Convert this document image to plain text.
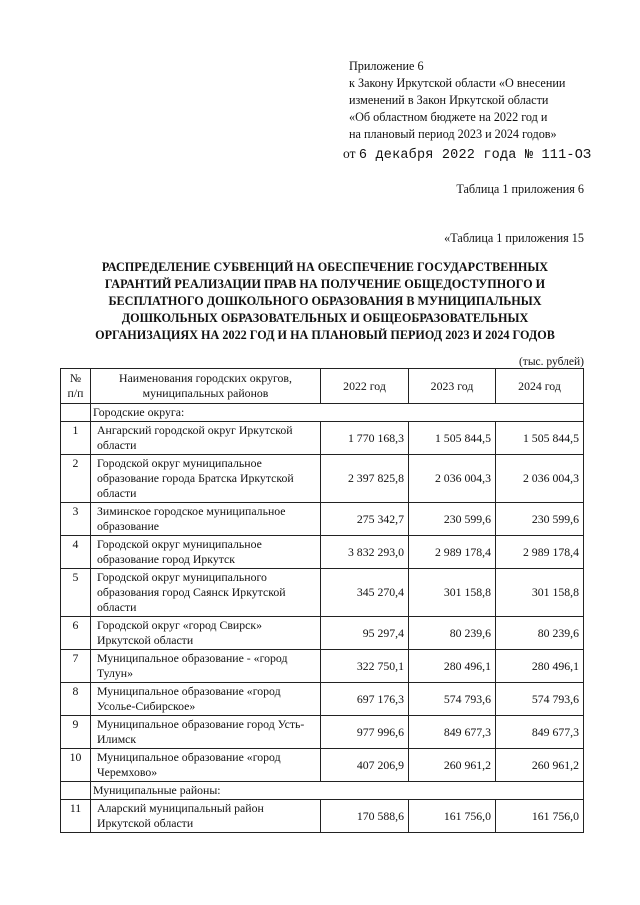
Приложение 6
к Закону Иркутской области «О внесении
изменений в Закон Иркутской области
«Об областном бюджете на 2022 год и
на плановый период 2023 и 2024 годов»
от 6 декабря 2022 года № 111-ОЗ
Таблица 1 приложения 6
«Таблица 1 приложения 15
РАСПРЕДЕЛЕНИЕ СУБВЕНЦИЙ НА ОБЕСПЕЧЕНИЕ ГОСУДАРСТВЕННЫХ
ГАРАНТИЙ РЕАЛИЗАЦИИ ПРАВ НА ПОЛУЧЕНИЕ ОБЩЕДОСТУПНОГО И
БЕСПЛАТНОГО ДОШКОЛЬНОГО ОБРАЗОВАНИЯ В МУНИЦИПАЛЬНЫХ
ДОШКОЛЬНЫХ ОБРАЗОВАТЕЛЬНЫХ И ОБЩЕОБРАЗОВАТЕЛЬНЫХ
ОРГАНИЗАЦИЯХ НА 2022 ГОД И НА ПЛАНОВЫЙ ПЕРИОД 2023 И 2024 ГОДОВ
(тыс. рублей)
№ п/п	Наименования городских округов, муниципальных районов	2022 год	2023 год	2024 год
	Городские округа:			
1	Ангарский городской округ Иркутской области	1 770 168,3	1 505 844,5	1 505 844,5
2	Городской округ муниципальное образование города Братска Иркутской области	2 397 825,8	2 036 004,3	2 036 004,3
3	Зиминское городское муниципальное образование	275 342,7	230 599,6	230 599,6
4	Городской округ муниципальное образование город Иркутск	3 832 293,0	2 989 178,4	2 989 178,4
5	Городской округ муниципального образования город Саянск Иркутской области	345 270,4	301 158,8	301 158,8
6	Городской округ «город Свирск» Иркутской области	95 297,4	80 239,6	80 239,6
7	Муниципальное образование - «город Тулун»	322 750,1	280 496,1	280 496,1
8	Муниципальное образование «город Усолье-Сибирское»	697 176,3	574 793,6	574 793,6
9	Муниципальное образование город Усть-Илимск	977 996,6	849 677,3	849 677,3
10	Муниципальное образование «город Черемхово»	407 206,9	260 961,2	260 961,2
	Муниципальные районы:			
11	Аларский муниципальный район Иркутской области	170 588,6	161 756,0	161 756,0
